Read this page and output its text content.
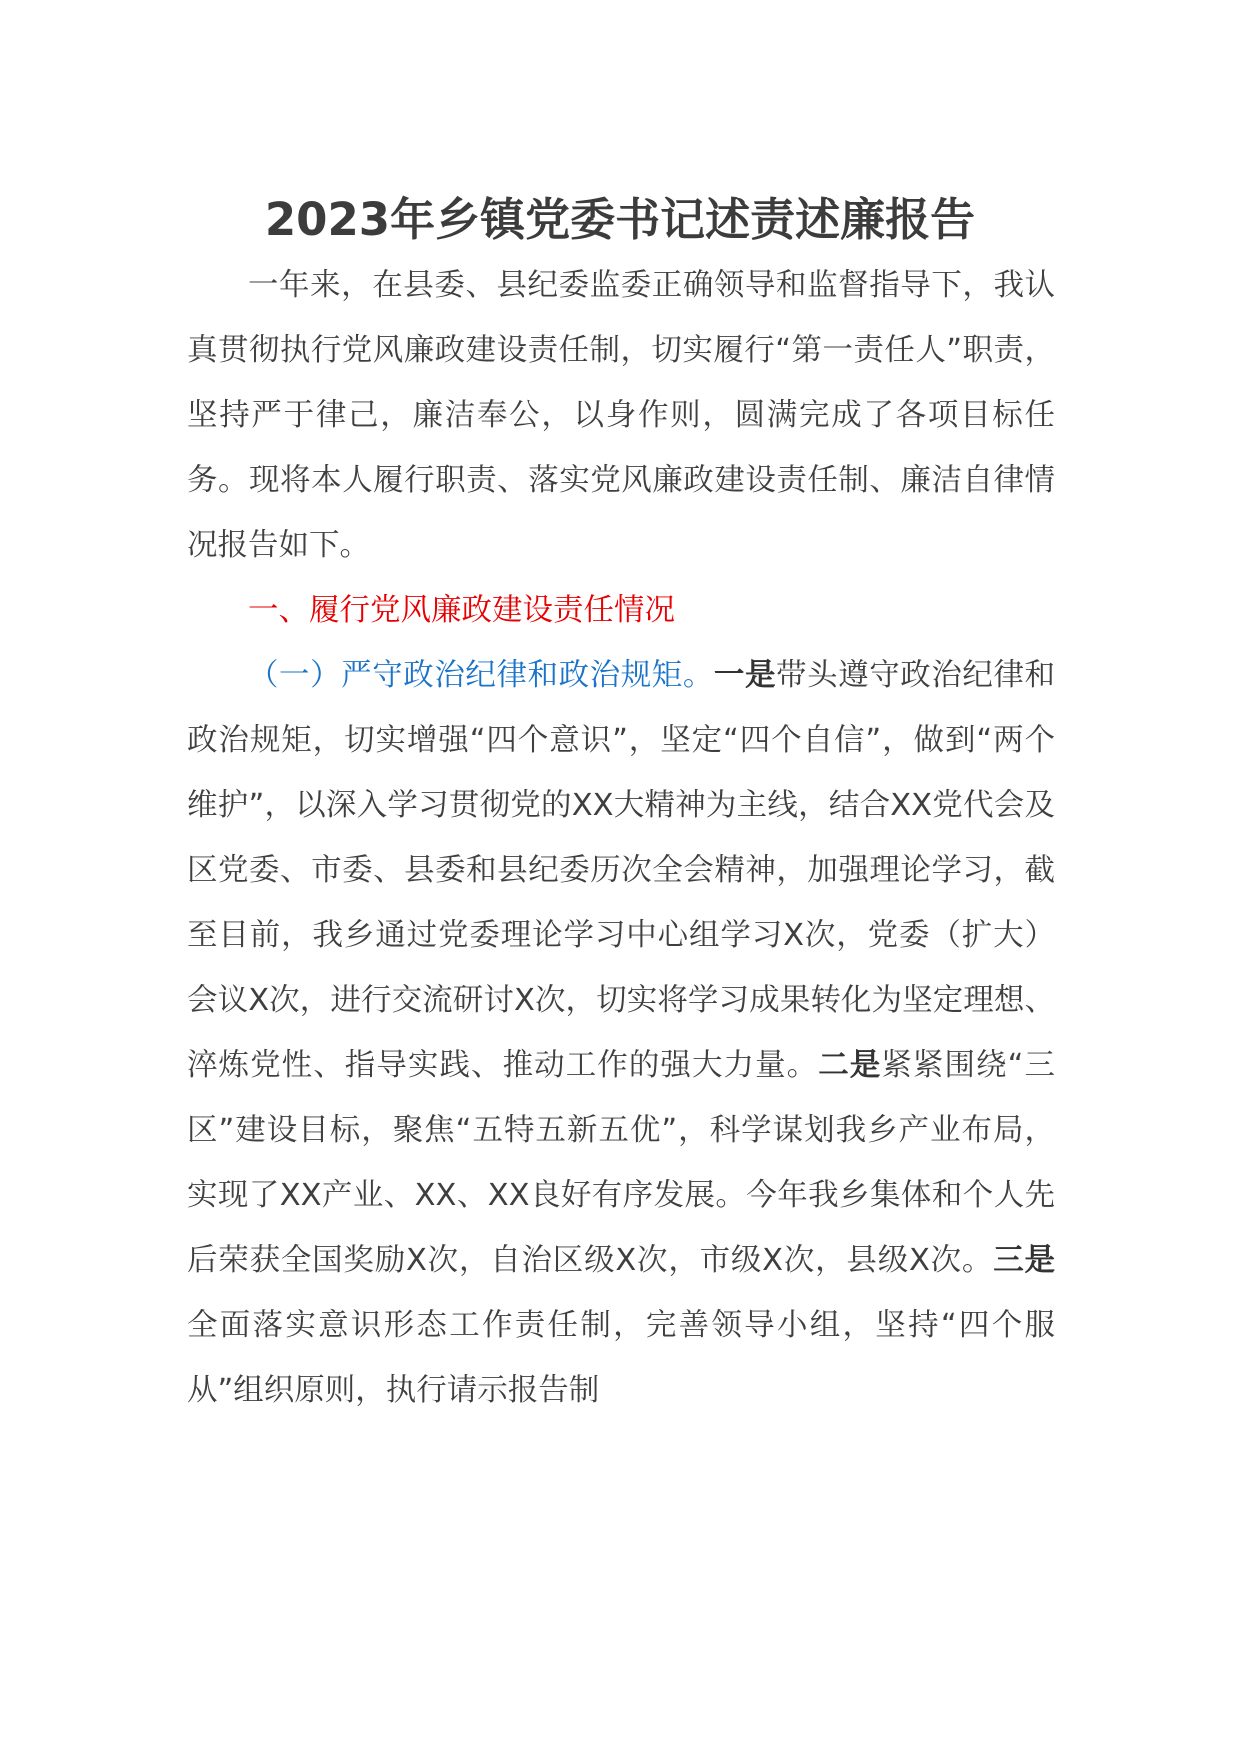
2023年乡镇党委书记述责述廉报告

一年来，在县委、县纪委监委正确领导和监督指导下，我认真贯彻执行党风廉政建设责任制，切实履行“第一责任人”职责，坚持严于律己，廉洁奉公，以身作则，圆满完成了各项目标任务。现将本人履行职责、落实党风廉政建设责任制、廉洁自律情况报告如下。

一、履行党风廉政建设责任情况

（一）严守政治纪律和政治规矩。一是带头遵守政治纪律和政治规矩，切实增强“四个意识”，坚定“四个自信”，做到“两个维护”，以深入学习贯彻党的XX大精神为主线，结合XX党代会及区党委、市委、县委和县纪委历次全会精神，加强理论学习，截至目前，我乡通过党委理论学习中心组学习X次，党委（扩大）会议X次，进行交流研讨X次，切实将学习成果转化为坚定理想、淬炼党性、指导实践、推动工作的强大力量。二是紧紧围绕“三区”建设目标，聚焦“五特五新五优”，科学谋划我乡产业布局，实现了XX产业、XX、XX良好有序发展。今年我乡集体和个人先后荣获全国奖励X次，自治区级X次，市级X次，县级X次。三是全面落实意识形态工作责任制，完善领导小组，坚持“四个服从”组织原则，执行请示报告制
